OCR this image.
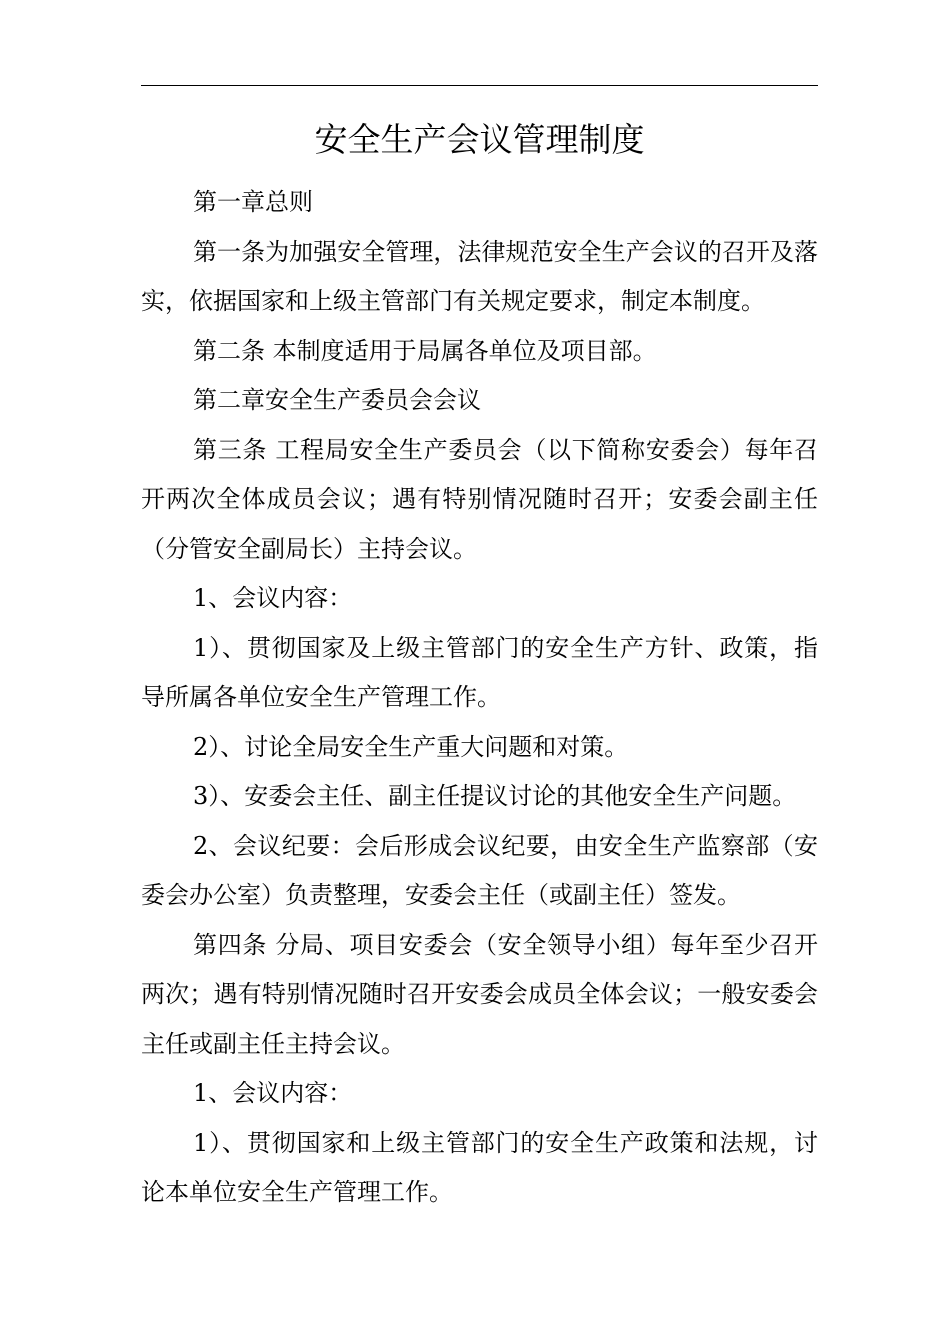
安全生产会议管理制度

第一章总则

第一条为加强安全管理，法律规范安全生产会议的召开及落实，依据国家和上级主管部门有关规定要求，制定本制度。

第二条 本制度适用于局属各单位及项目部。

第二章安全生产委员会会议

第三条 工程局安全生产委员会（以下简称安委会）每年召开两次全体成员会议；遇有特别情况随时召开；安委会副主任（分管安全副局长）主持会议。

1、会议内容：

1）、贯彻国家及上级主管部门的安全生产方针、政策，指导所属各单位安全生产管理工作。

2）、讨论全局安全生产重大问题和对策。

3）、安委会主任、副主任提议讨论的其他安全生产问题。

2、会议纪要：会后形成会议纪要，由安全生产监察部（安委会办公室）负责整理，安委会主任（或副主任）签发。

第四条 分局、项目安委会（安全领导小组）每年至少召开两次；遇有特别情况随时召开安委会成员全体会议；一般安委会主任或副主任主持会议。

1、会议内容：

1）、贯彻国家和上级主管部门的安全生产政策和法规，讨论本单位安全生产管理工作。
